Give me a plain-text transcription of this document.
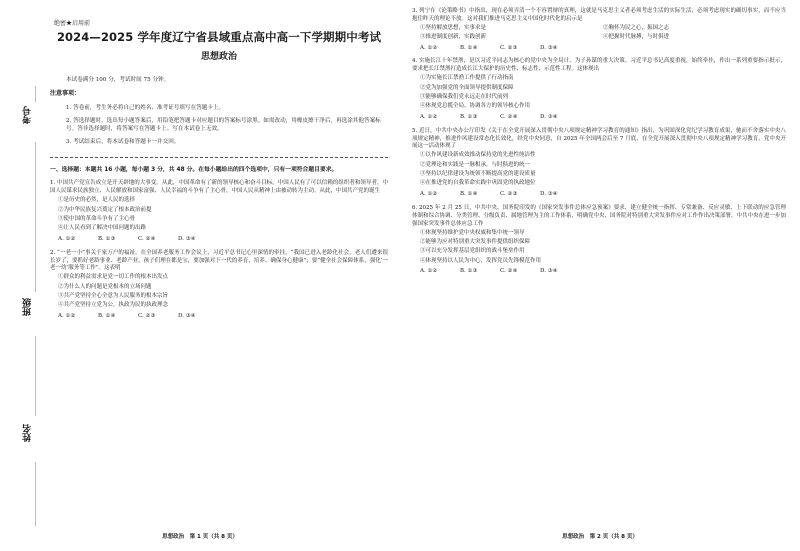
考号
班级
姓名
绝密★启用前
2024—2025 学年度辽宁省县域重点高中高一下学期期中考试
思想政治
本试卷满分 100 分，考试时间 75 分钟。
注意事项：
1. 答卷前，考生务必将自己的姓名、准考证号填写在答题卡上。
2. 答选择题时，选出每小题答案后，用铅笔把答题卡对应题目的答案标号涂黑。如需改动，用橡皮擦干净后，再选涂其他答案标号。答非选择题时，将答案写在答题卡上。写在本试卷上无效。
3. 考试结束后，将本试卷和答题卡一并交回。
一、选择题：本题共 16 小题，每小题 3 分，共 48 分。在每小题给出的四个选项中，只有一项符合题目要求。
1. 中国共产党宣告成立是开天辟地的大事变。从此，中国革命有了新的领导核心和奋斗目标，中国人民有了可以信赖的组织者和领导者，中国人民谋求民族独立、人民解放和国家富强、人民幸福的斗争有了主心骨，中国人民从精神上由被动转为主动。从此，中国共产党的诞生
①是历史的必然，是人民的选择
②为中华民族复兴奠定了根本政治前提
③使中国的革命斗争有了主心骨
④让人民看到了解决中国问题的出路
A. ①②	B. ①③	C. ②④	D. ③④
2. “一老一小”事关千家万户的福祉。在全国养老服务工作会议上，习近平总书记心里深情的牵挂，“我国已进入老龄化社会，老人们遭来很长岁了，要抓好老龄事业、老龄产业，孩子们理在都是宝，要加强对下一代的养育，培养、确保身心健康”；要“健全社会保障体系，强化‘一老一幼’服务等工作”。这表明
①群众的利益需求是党一切工作的根本出发点
②为什么人的问题是党根本的立场问题
③共产党坚持全心全意为人民服务的根本宗旨
④共产党坚持立党为公，执政为民的执政理念
A. ①②	B. ①④	C. ②③	D. ③④
思想政治　第 1 页（共 8 页）
3. 列宁在《论策略书》中指出，现在必须弄清一个不容置辩的真理，这就是马克思主义者必须考虑生活的实际生活，必须考虑现实的确切事实，而不应当抱住昨天的理论不放。这对我们推进马克思主义中国化时代化的启示是
①坚持解放思想，实事求是	②胸怀为民之心，振国之志
③推进制度创新，实践创新	④把握时代脉搏，与时俱进
A. ①②	B. ①④	C. ②③	D. ③④
4. 实施长江十年禁渔，是以习近平同志为核心的党中央为全局计、为子孙谋的重大决策。习近平总书记高度重视，始终牵挂，作出一系列重要指示批示，要求把长江禁渔打造成长江大保护的历史性、标志性、示范性工程。这体现出
①为实施长江禁渔工作提供了行动指南
②党为加强党的全面领导提供制度保障
③能够确保我们党永远走在时代前列
④体现党总揽全局、协调各方的领导核心作用
A. ①②	B. ①③	C. ②④	D. ③④
5. 近日，中共中央办公厅印发《关于在全党开展深入贯彻中央八项规定精神学习教育的通知》指出，为巩固深化党纪学习教育成果，驰而不舍落实中央八项规定精神，推进作风建设常态化长效化，经党中央同意，自 2025 年全国两会后至 7 月底，在全党开展深入贯彻中央八项规定精神学习教育。党中央开展这一活动体现了
①以作风建设新成效推动保持党的先进性纯洁性
②党理论和实践是一脉相承，与时俱进的统一
③坚持以纪律建设为统领不断提高党的建设质量
④在推进党的自我革命实践中巩固党的执政地位
A. ①②	B. ①④	C. ②③	D. ③④
6. 2025 年 2 月 25 日，中共中央、国务院印发的《国家突发事件总体应急预案》要求，建立健全统一指挥、专常兼备、反应灵敏、上下联动的应急管理体制和综合协调、分类管理、分级负责、属地管理为主的工作体系，明确党中央、国务院对特别重大突发事件应对工作作出决策部署，中共中央在进一步加强国家突发事件总体应急工作
①体现坚持维护党中央权威和集中统一领导
②能够为应对特别重大突发事件提供组织保障
③可以充分发挥基层党组织的战斗堡垒作用
④体现坚持以人民为中心，发挥党员先锋模范作用
A. ①②	B. ①③	C. ②④	D. ③④
思想政治　第 2 页（共 8 页）
